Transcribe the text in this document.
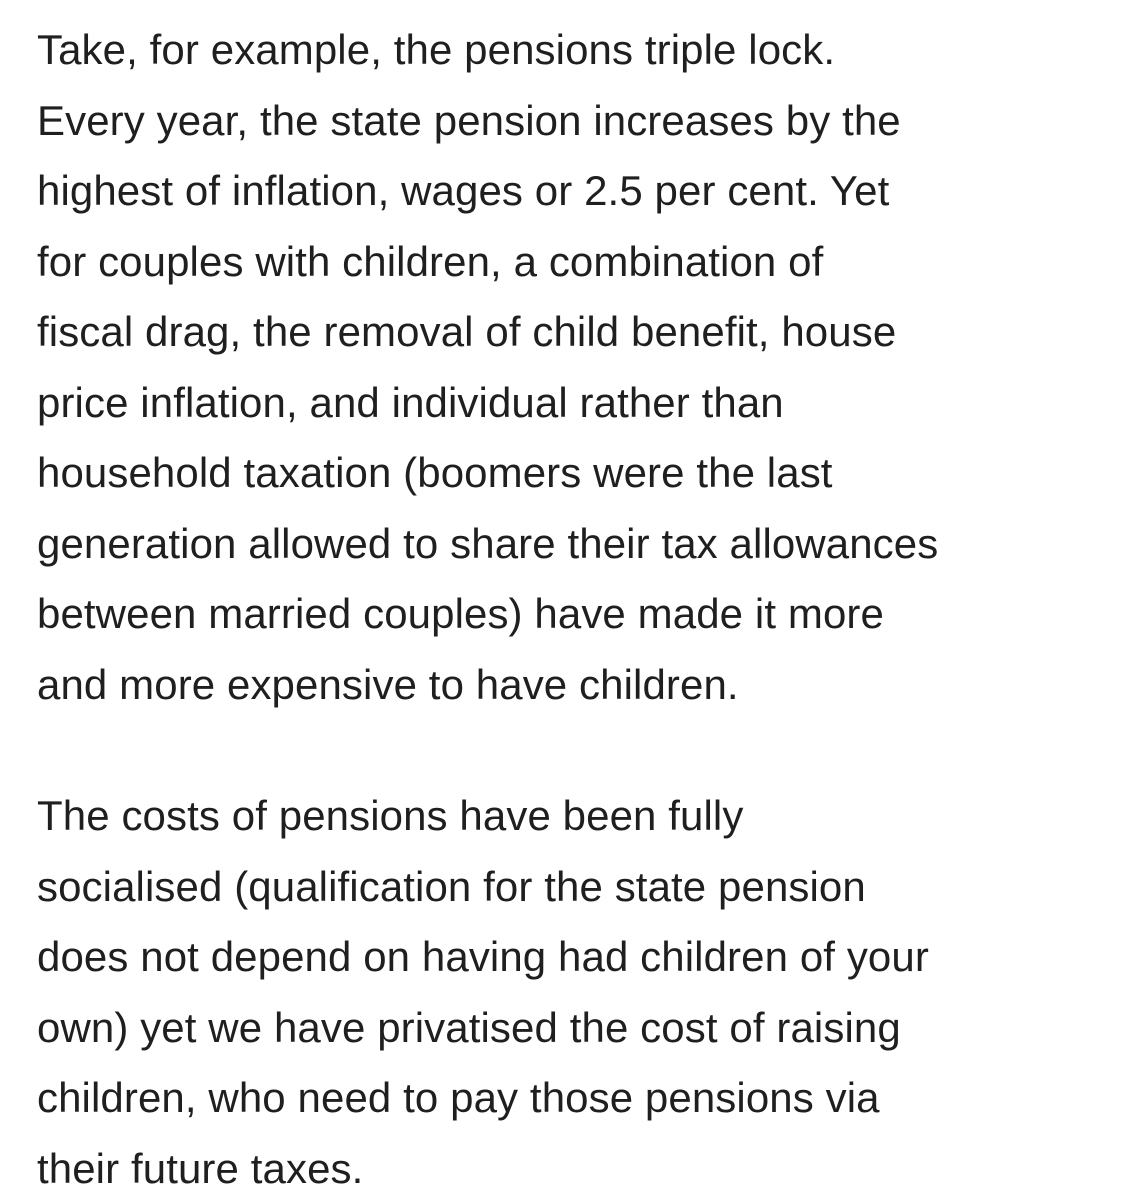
Take, for example, the pensions triple lock.
Every year, the state pension increases by the
highest of inflation, wages or 2.5 per cent. Yet
for couples with children, a combination of
fiscal drag, the removal of child benefit, house
price inflation, and individual rather than
household taxation (boomers were the last
generation allowed to share their tax allowances
between married couples) have made it more
and more expensive to have children.

The costs of pensions have been fully
socialised (qualification for the state pension
does not depend on having had children of your
own) yet we have privatised the cost of raising
children, who need to pay those pensions via
their future taxes.
